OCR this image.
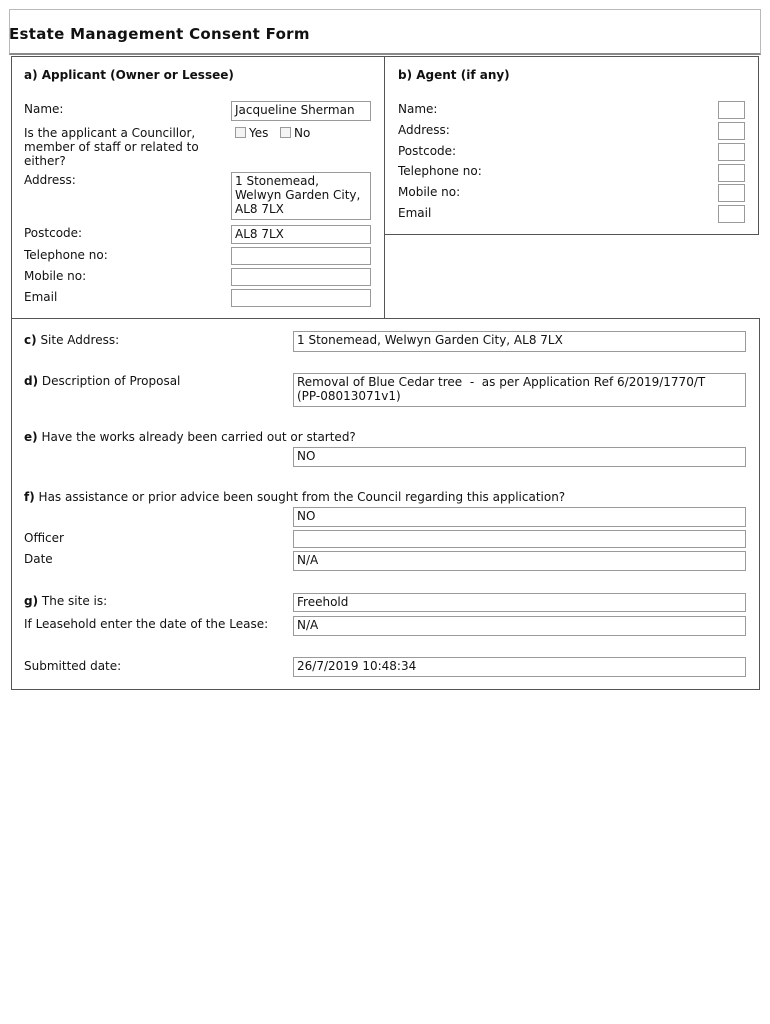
Estate Management Consent Form
a) Applicant (Owner or Lessee)
Name:	Jacqueline Sherman
Is the applicant a Councillor, member of staff or related to either?
Yes	No
Address:	1 Stonemead,
Welwyn Garden City,
AL8 7LX
Postcode:	AL8 7LX
Telephone no:
Mobile no:
Email
b) Agent (if any)
Name:
Address:
Postcode:
Telephone no:
Mobile no:
Email
c) Site Address:	1 Stonemead, Welwyn Garden City, AL8 7LX
d) Description of Proposal	Removal of Blue Cedar tree  -  as per Application Ref 6/2019/1770/T
(PP-08013071v1)
e) Have the works already been carried out or started?
NO
f) Has assistance or prior advice been sought from the Council regarding this application?
NO
Officer
Date	N/A
g) The site is:	Freehold
If Leasehold enter the date of the Lease:	N/A
Submitted date:	26/7/2019 10:48:34
